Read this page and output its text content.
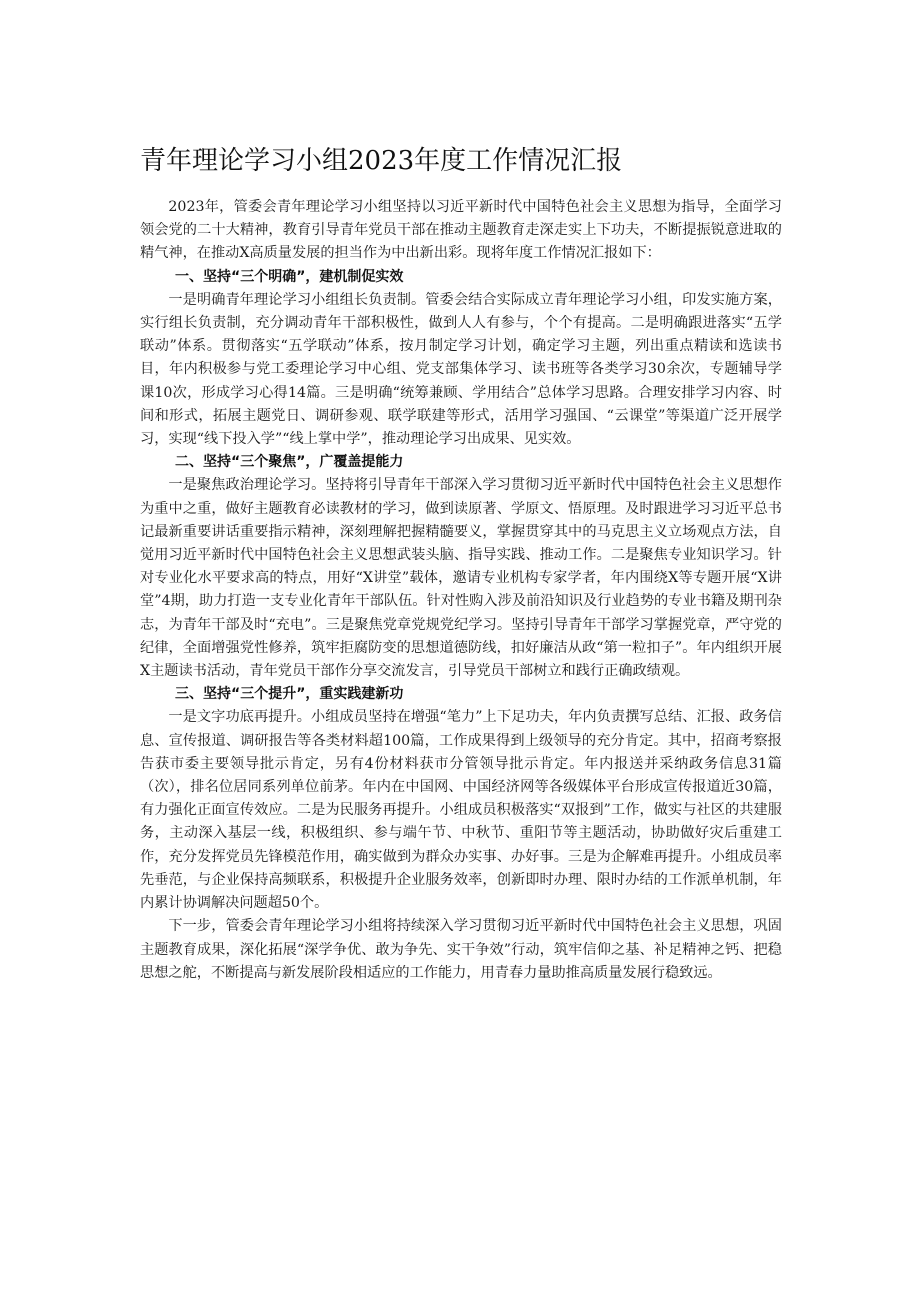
青年理论学习小组2023年度工作情况汇报

2023年，管委会青年理论学习小组坚持以习近平新时代中国特色社会主义思想为指导，全面学习领会党的二十大精神，教育引导青年党员干部在推动主题教育走深走实上下功夫，不断提振锐意进取的精气神，在推动X高质量发展的担当作为中出新出彩。现将年度工作情况汇报如下：

一、坚持“三个明确”，建机制促实效

一是明确青年理论学习小组组长负责制。管委会结合实际成立青年理论学习小组，印发实施方案，实行组长负责制，充分调动青年干部积极性，做到人人有参与，个个有提高。二是明确跟进落实“五学联动”体系。贯彻落实“五学联动”体系，按月制定学习计划，确定学习主题，列出重点精读和选读书目，年内积极参与党工委理论学习中心组、党支部集体学习、读书班等各类学习30余次，专题辅导学课10次，形成学习心得14篇。三是明确“统筹兼顾、学用结合”总体学习思路。合理安排学习内容、时间和形式，拓展主题党日、调研参观、联学联建等形式，活用学习强国、“云课堂”等渠道广泛开展学习，实现“线下投入学”“线上掌中学”，推动理论学习出成果、见实效。

二、坚持“三个聚焦”，广覆盖提能力

一是聚焦政治理论学习。坚持将引导青年干部深入学习贯彻习近平新时代中国特色社会主义思想作为重中之重，做好主题教育必读教材的学习，做到读原著、学原文、悟原理。及时跟进学习习近平总书记最新重要讲话重要指示精神，深刻理解把握精髓要义，掌握贯穿其中的马克思主义立场观点方法，自觉用习近平新时代中国特色社会主义思想武装头脑、指导实践、推动工作。二是聚焦专业知识学习。针对专业化水平要求高的特点，用好“X讲堂”载体，邀请专业机构专家学者，年内围绕X等专题开展“X讲堂”4期，助力打造一支专业化青年干部队伍。针对性购入涉及前沿知识及行业趋势的专业书籍及期刊杂志，为青年干部及时“充电”。三是聚焦党章党规党纪学习。坚持引导青年干部学习掌握党章，严守党的纪律，全面增强党性修养，筑牢拒腐防变的思想道德防线，扣好廉洁从政“第一粒扣子”。年内组织开展X主题读书活动，青年党员干部作分享交流发言，引导党员干部树立和践行正确政绩观。

三、坚持“三个提升”，重实践建新功

一是文字功底再提升。小组成员坚持在增强“笔力”上下足功夫，年内负责撰写总结、汇报、政务信息、宣传报道、调研报告等各类材料超100篇，工作成果得到上级领导的充分肯定。其中，招商考察报告获市委主要领导批示肯定，另有4份材料获市分管领导批示肯定。年内报送并采纳政务信息31篇（次），排名位居同系列单位前茅。年内在中国网、中国经济网等各级媒体平台形成宣传报道近30篇，有力强化正面宣传效应。二是为民服务再提升。小组成员积极落实“双报到”工作，做实与社区的共建服务，主动深入基层一线，积极组织、参与端午节、中秋节、重阳节等主题活动，协助做好灾后重建工作，充分发挥党员先锋模范作用，确实做到为群众办实事、办好事。三是为企解难再提升。小组成员率先垂范，与企业保持高频联系，积极提升企业服务效率，创新即时办理、限时办结的工作派单机制，年内累计协调解决问题超50个。

下一步，管委会青年理论学习小组将持续深入学习贯彻习近平新时代中国特色社会主义思想，巩固主题教育成果，深化拓展“深学争优、敢为争先、实干争效”行动，筑牢信仰之基、补足精神之钙、把稳思想之舵，不断提高与新发展阶段相适应的工作能力，用青春力量助推高质量发展行稳致远。
